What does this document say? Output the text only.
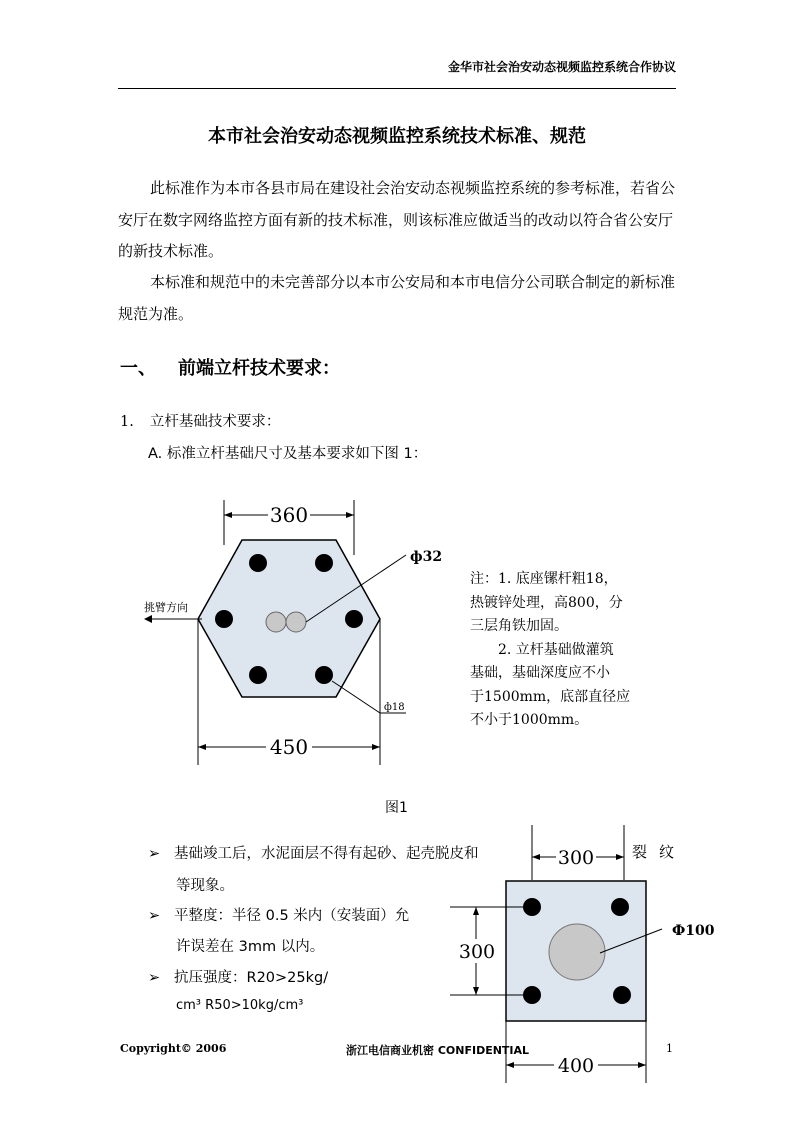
金华市社会治安动态视频监控系统合作协议
本市社会治安动态视频监控系统技术标准、规范
此标准作为本市各县市局在建设社会治安动态视频监控系统的参考标准，若省公安厅在数字网络监控方面有新的技术标准，则该标准应做适当的改动以符合省公安厅的新技术标准。
本标准和规范中的未完善部分以本市公安局和本市电信分公司联合制定的新标准规范为准。
一、 前端立杆技术要求：
1. 立杆基础技术要求：
A. 标准立杆基础尺寸及基本要求如下图 1：
360
ф32
ф18
挑臂方向
450
注：1. 底座镙杆粗18，
热镀锌处理，高800，分
三层角铁加固。
　　2. 立杆基础做灌筑
基础，基础深度应不小
于1500mm，底部直径应
不小于1000mm。
图1
➢ 基础竣工后，水泥面层不得有起砂、起壳脱皮和
等现象。
➢ 平整度：半径 0.5 米内（安装面）允
许误差在 3mm 以内。
➢ 抗压强度：R20>25kg/
cm³ R50>10kg/cm³
裂纹
300
Ф100
300
400
Copyright© 2006	浙江电信商业机密 CONFIDENTIAL	1
